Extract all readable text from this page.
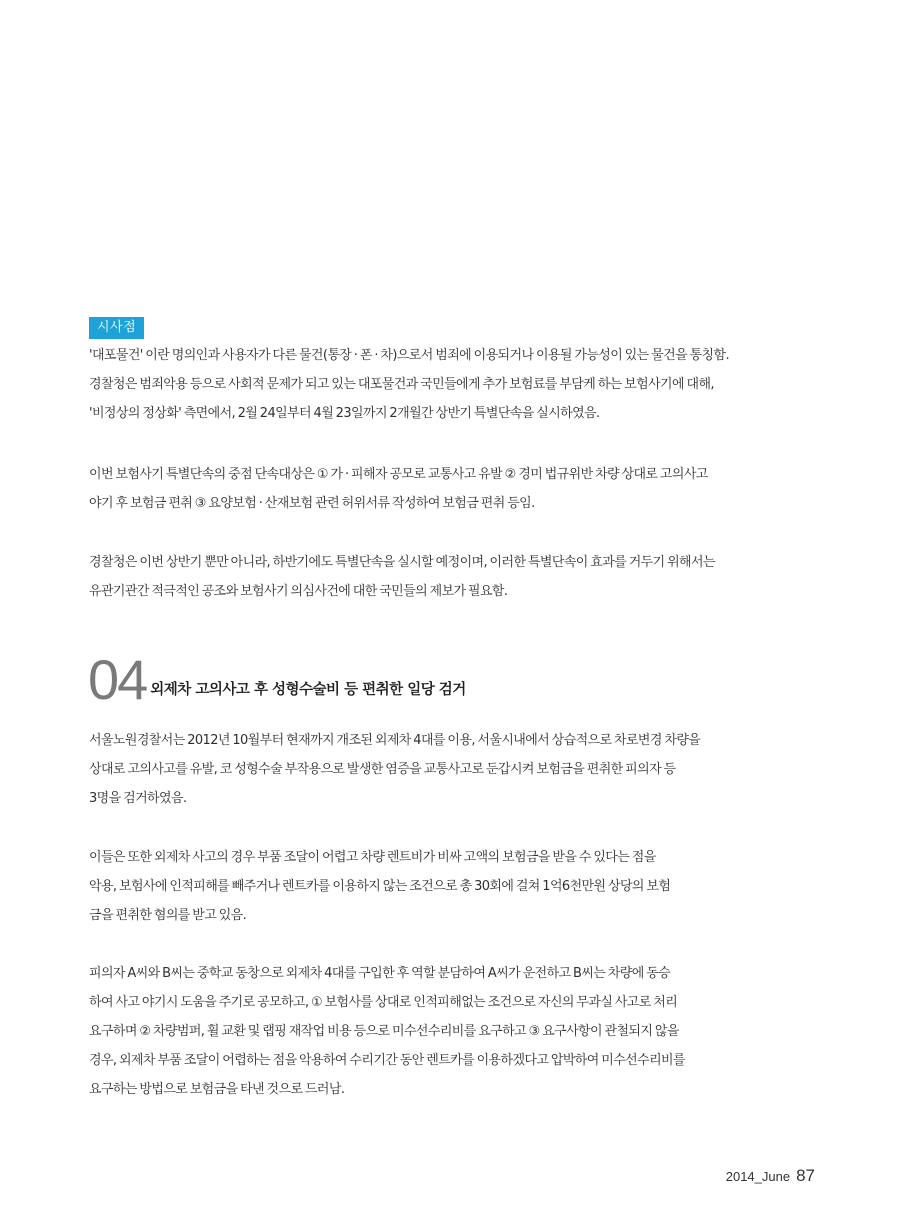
시사점

'대포물건' 이란 명의인과 사용자가 다른 물건(통장 · 폰 · 차)으로서 범죄에 이용되거나 이용될 가능성이 있는 물건을 통칭함.
경찰청은 범죄악용 등으로 사회적 문제가 되고 있는 대포물건과 국민들에게 추가 보험료를 부담케 하는 보험사기에 대해,
'비정상의 정상화' 측면에서, 2월 24일부터 4월 23일까지 2개월간 상반기 특별단속을 실시하였음.

이번 보험사기 특별단속의 중점 단속대상은 ① 가 · 피해자 공모로 교통사고 유발 ② 경미 법규위반 차량 상대로 고의사고
야기 후 보험금 편취 ③ 요양보험 · 산재보험 관련 허위서류 작성하여 보험금 편취 등임.

경찰청은 이번 상반기 뿐만 아니라, 하반기에도 특별단속을 실시할 예정이며, 이러한 특별단속이 효과를 거두기 위해서는
유관기관간 적극적인 공조와 보험사기 의심사건에 대한 국민들의 제보가 필요함.

04 외제차 고의사고 후 성형수술비 등 편취한 일당 검거

서울노원경찰서는 2012년 10월부터 현재까지 개조된 외제차 4대를 이용, 서울시내에서 상습적으로 차로변경 차량을
상대로 고의사고를 유발, 코 성형수술 부작용으로 발생한 염증을 교통사고로 둔갑시켜 보험금을 편취한 피의자 등
3명을 검거하였음.

이들은 또한 외제차 사고의 경우 부품 조달이 어렵고 차량 렌트비가 비싸 고액의 보험금을 받을 수 있다는 점을
악용, 보험사에 인적피해를 빼주거나 렌트카를 이용하지 않는 조건으로 총 30회에 걸쳐 1억6천만원 상당의 보험
금을 편취한 혐의를 받고 있음.

피의자 A씨와 B씨는 중학교 동창으로 외제차 4대를 구입한 후 역할 분담하여 A씨가 운전하고 B씨는 차량에 동승
하여 사고 야기시 도움을 주기로 공모하고, ① 보험사를 상대로 인적피해없는 조건으로 자신의 무과실 사고로 처리
요구하며 ② 차량범퍼, 휠 교환 및 랩핑 재작업 비용 등으로 미수선수리비를 요구하고 ③ 요구사항이 관철되지 않을
경우, 외제차 부품 조달이 어렵하는 점을 악용하여 수리기간 동안 렌트카를 이용하겠다고 압박하여 미수선수리비를
요구하는 방법으로 보험금을 타낸 것으로 드러남.

2014_June 87
